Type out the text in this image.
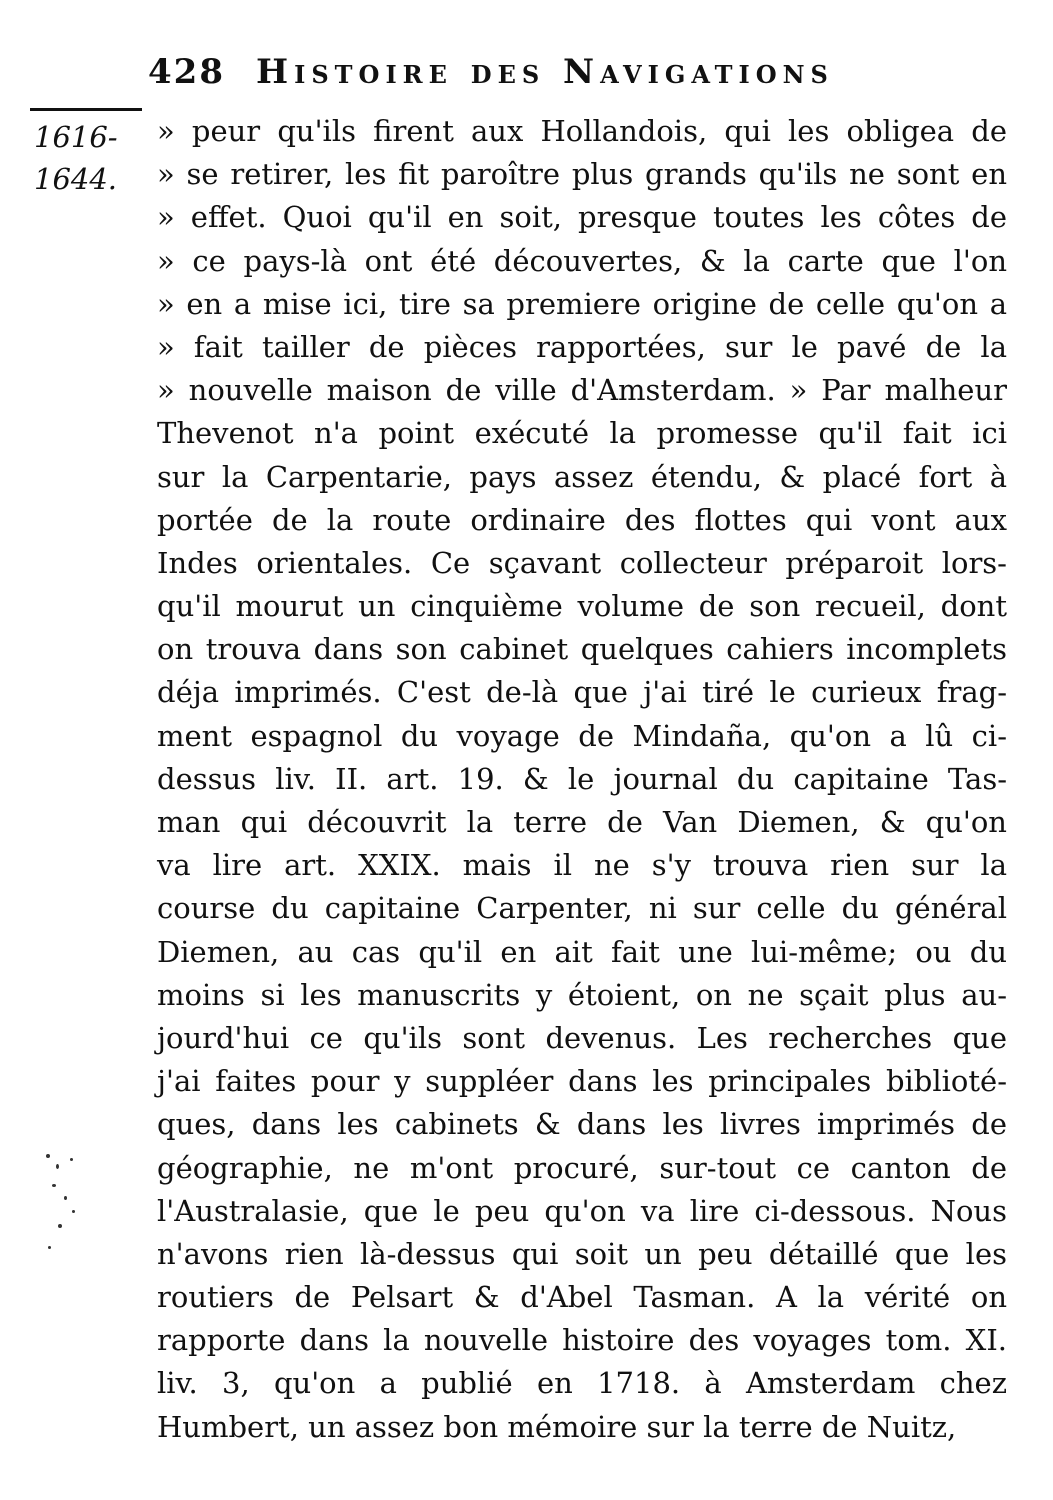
428 Histoire des Navigations
1616-
1644.
» peur qu'ils firent aux Hollandois, qui les obligea de
» se retirer, les fit paroître plus grands qu'ils ne sont en
» effet. Quoi qu'il en soit, presque toutes les côtes de
» ce pays-là ont été découvertes, & la carte que l'on
» en a mise ici, tire sa premiere origine de celle qu'on a
» fait tailler de pièces rapportées, sur le pavé de la
» nouvelle maison de ville d'Amsterdam. » Par malheur
Thevenot n'a point exécuté la promesse qu'il fait ici
sur la Carpentarie, pays assez étendu, & placé fort à
portée de la route ordinaire des flottes qui vont aux
Indes orientales. Ce sçavant collecteur préparoit lors-
qu'il mourut un cinquième volume de son recueil, dont
on trouva dans son cabinet quelques cahiers incomplets
déja imprimés. C'est de-là que j'ai tiré le curieux frag-
ment espagnol du voyage de Mindaña, qu'on a lû ci-
dessus liv. II. art. 19. & le journal du capitaine Tas-
man qui découvrit la terre de Van Diemen, & qu'on
va lire art. XXIX. mais il ne s'y trouva rien sur la
course du capitaine Carpenter, ni sur celle du général
Diemen, au cas qu'il en ait fait une lui-même; ou du
moins si les manuscrits y étoient, on ne sçait plus au-
jourd'hui ce qu'ils sont devenus. Les recherches que
j'ai faites pour y suppléer dans les principales biblioté-
ques, dans les cabinets & dans les livres imprimés de
géographie, ne m'ont procuré, sur-tout ce canton de
l'Australasie, que le peu qu'on va lire ci-dessous. Nous
n'avons rien là-dessus qui soit un peu détaillé que les
routiers de Pelsart & d'Abel Tasman. A la vérité on
rapporte dans la nouvelle histoire des voyages tom. XI.
liv. 3, qu'on a publié en 1718. à Amsterdam chez
Humbert, un assez bon mémoire sur la terre de Nuitz,
